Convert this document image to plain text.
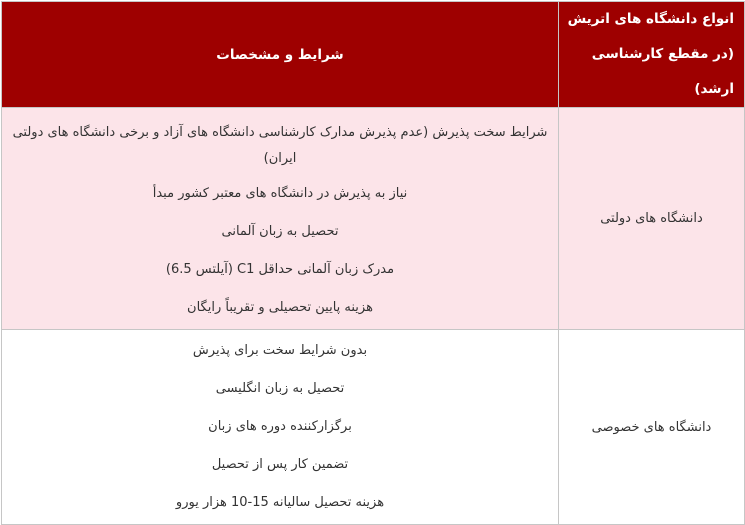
انواع دانشگاه های اتریش
(در مقطع کارشناسی ارشد)	شرایط و مشخصات
دانشگاه های دولتی	شرایط سخت پذیرش (عدم پذیرش مدارک کارشناسی دانشگاه های آزاد و برخی دانشگاه های دولتی ایران)
نیاز به پذیرش در دانشگاه های معتبر کشور مبدأ
تحصیل به زبان آلمانی
مدرک زبان آلمانی حداقل C1 (آیلتس 6.5)
هزینه پایین تحصیلی و تقریباً رایگان

دانشگاه های خصوصی	بدون شرایط سخت برای پذیرش
تحصیل به زبان انگلیسی
برگزارکننده دوره های زبان
تضمین کار پس از تحصیل
هزینه تحصیل سالیانه 15-10 هزار یورو
